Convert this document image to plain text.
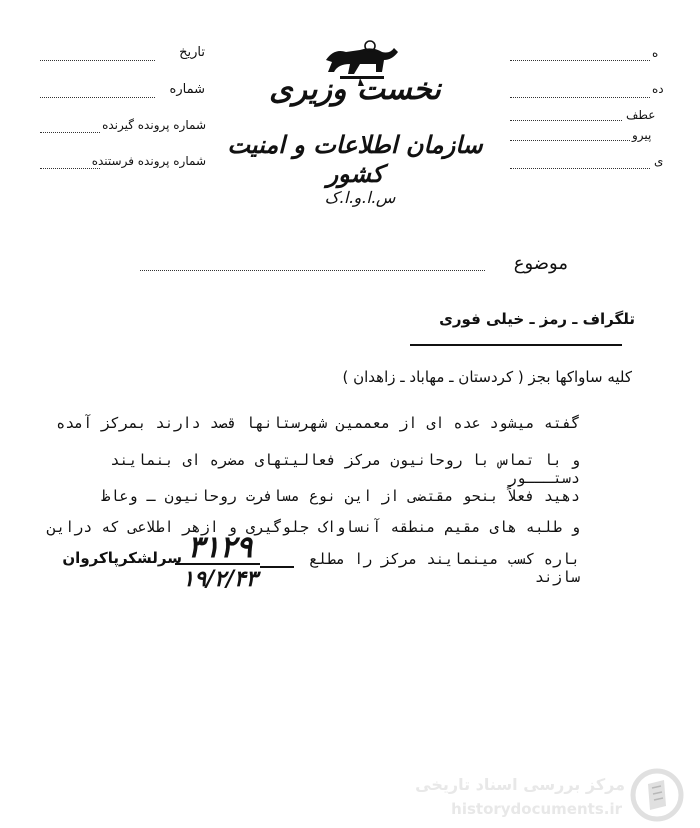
نخست وزیری
سازمان اطلاعات و امنیت کشور
س.ا.و.ا.ک
تاریخ
شماره
شماره پرونده گیرنده
شماره پرونده فرستنده
ه
ده
عطف
پیرو
ی
موضوع
تلگراف ـ رمز ـ خیلی فوری
کلیه ساواکها بجز ( کردستان ـ مهاباد ـ زاهدان )
گفته میشود عده ای از معممین شهرستانها قصد دارند بمرکز آمده
و با تماس با روحانیون مرکز فعالیتهای مضره ای بنمایند دستـــور
دهید فعلاً بنحو مقتضی از این نوع مسافرت روحانیون ـ وعاظ
و طلبه های مقیم منطقه آنساواک جلوگیری و ازهر اطلاعی که دراین
باره کسب مینمایند مرکز را مطلع سازند
۳۱۲۹
۱۹/۲/۴۳
سرلشکرپاکروان
مرکز بررسی اسناد تاریخی
historydocuments.ir
